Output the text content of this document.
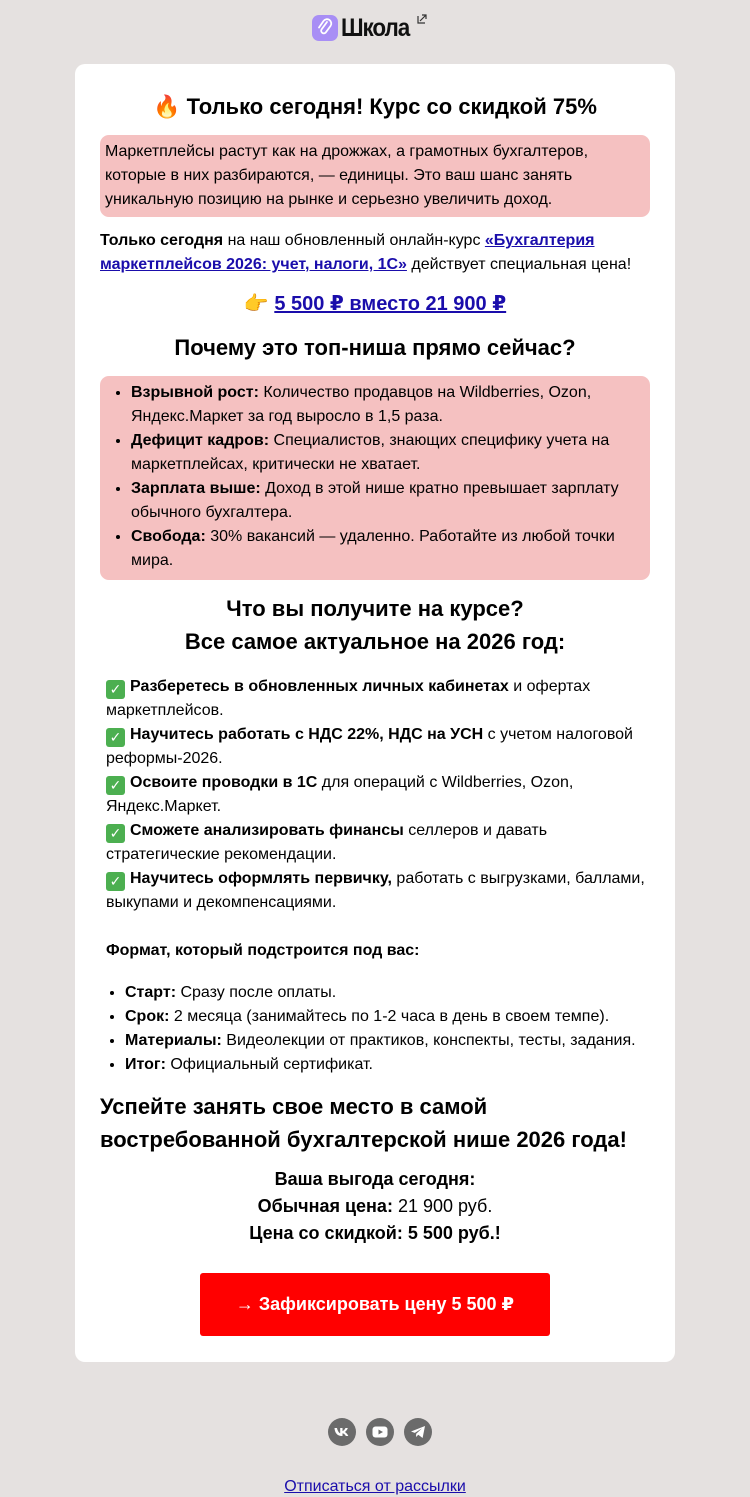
Школа
🔥 Только сегодня! Курс со скидкой 75%
Маркетплейсы растут как на дрожжах, а грамотных бухгалтеров, которые в них разбираются, — единицы. Это ваш шанс занять уникальную позицию на рынке и серьезно увеличить доход.
Только сегодня на наш обновленный онлайн-курс «Бухгалтерия маркетплейсов 2026: учет, налоги, 1С» действует специальная цена!
👉 5 500 ₽ вместо 21 900 ₽
Почему это топ-ниша прямо сейчас?
• Взрывной рост: Количество продавцов на Wildberries, Ozon, Яндекс.Маркет за год выросло в 1,5 раза.
• Дефицит кадров: Специалистов, знающих специфику учета на маркетплейсах, критически не хватает.
• Зарплата выше: Доход в этой нише кратно превышает зарплату обычного бухгалтера.
• Свобода: 30% вакансий — удаленно. Работайте из любой точки мира.
Что вы получите на курсе?
Все самое актуальное на 2026 год:
✓ Разберетесь в обновленных личных кабинетах и офертах маркетплейсов.
✓ Научитесь работать с НДС 22%, НДС на УСН с учетом налоговой реформы-2026.
✓ Освоите проводки в 1С для операций с Wildberries, Ozon, Яндекс.Маркет.
✓ Сможете анализировать финансы селлеров и давать стратегические рекомендации.
✓ Научитесь оформлять первичку, работать с выгрузками, баллами, выкупами и декомпенсациями.
Формат, который подстроится под вас:
• Старт: Сразу после оплаты.
• Срок: 2 месяца (занимайтесь по 1-2 часа в день в своем темпе).
• Материалы: Видеолекции от практиков, конспекты, тесты, задания.
• Итог: Официальный сертификат.
Успейте занять свое место в самой востребованной бухгалтерской нише 2026 года!
Ваша выгода сегодня:
Обычная цена: 21 900 руб.
Цена со скидкой: 5 500 руб.!
→ Зафиксировать цену 5 500 ₽
Отписаться от рассылки
